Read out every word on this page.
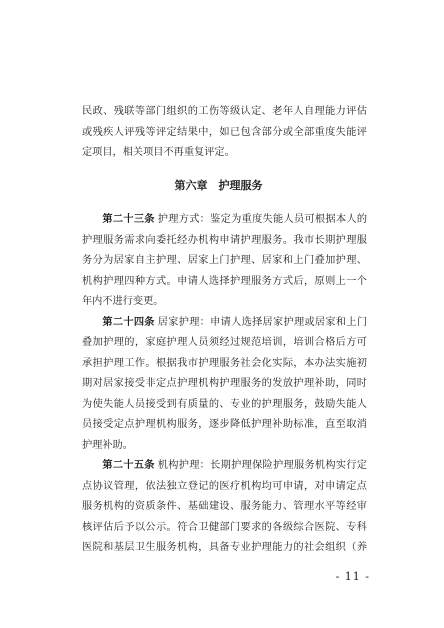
民政、残联等部门组织的工伤等级认定、老年人自理能力评估
或残疾人评残等评定结果中，如已包含部分或全部重度失能评
定项目，相关项目不再重复评定。
第六章　护理服务
第二十三条 护理方式：鉴定为重度失能人员可根据本人的
护理服务需求向委托经办机构申请护理服务。我市长期护理服
务分为居家自主护理、居家上门护理、居家和上门叠加护理、
机构护理四种方式。申请人选择护理服务方式后，原则上一个
年内不进行变更。
第二十四条 居家护理：申请人选择居家护理或居家和上门
叠加护理的，家庭护理人员须经过规范培训，培训合格后方可
承担护理工作。根据我市护理服务社会化实际，本办法实施初
期对居家接受非定点护理机构护理服务的发放护理补助，同时
为使失能人员接受到有质量的、专业的护理服务，鼓励失能人
员接受定点护理机构服务，逐步降低护理补助标准，直至取消
护理补助。
第二十五条 机构护理：长期护理保险护理服务机构实行定
点协议管理，依法独立登记的医疗机构均可申请，对申请定点
服务机构的资质条件、基础建设、服务能力、管理水平等经审
核评估后予以公示。符合卫健部门要求的各级综合医院、专科
医院和基层卫生服务机构，具备专业护理能力的社会组织（养
- 11 -
